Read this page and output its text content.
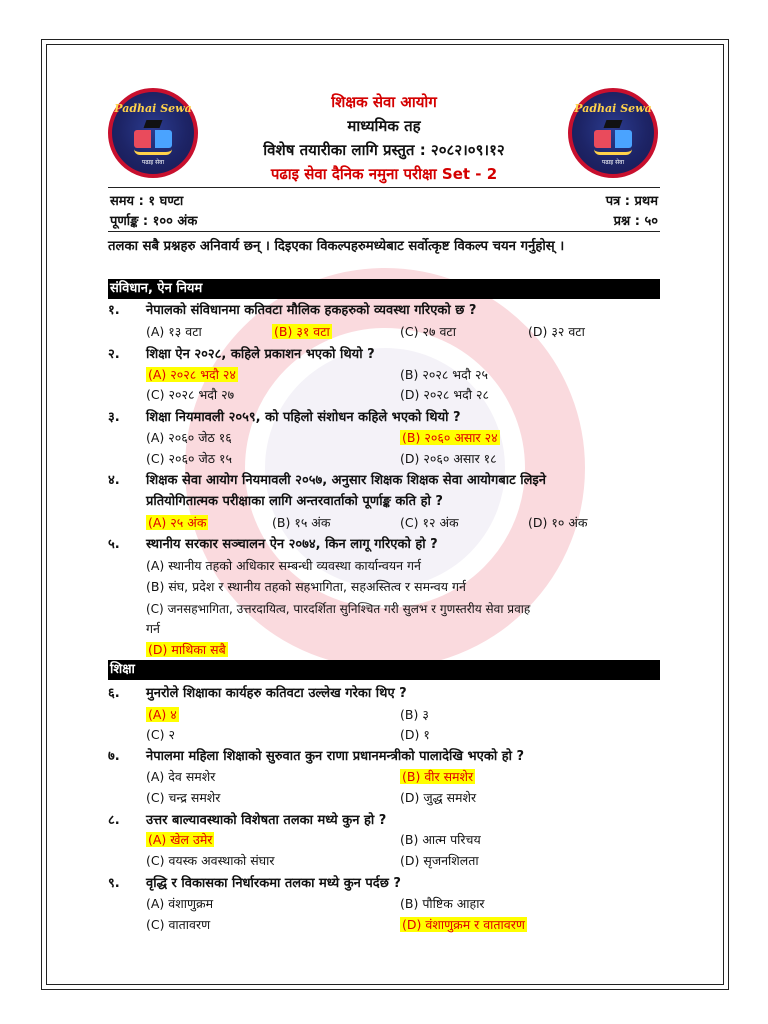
Padhai Sewa
पढाइ सेवा
Padhai Sewa
पढाइ सेवा
शिक्षक सेवा आयोग
माध्यमिक तह
विशेष तयारीका लागि प्रस्तुत : २०८२।०९।१२
पढाइ सेवा दैनिक नमुना परीक्षा Set - 2
समय : १ घण्टा	पत्र : प्रथम
पूर्णाङ्क : १०० अंक	प्रश्न : ५०
तलका सबै प्रश्नहरु अनिवार्य छन् । दिइएका विकल्पहरुमध्येबाट सर्वोत्कृष्ट विकल्प चयन गर्नुहोस् ।
संविधान, ऐन नियम
१. नेपालको संविधानमा कतिवटा मौलिक हकहरुको व्यवस्था गरिएको छ ?
(A) १३ वटा	(B) ३१ वटा	(C) २७ वटा	(D) ३२ वटा
२. शिक्षा ऐन २०२८, कहिले प्रकाशन भएको थियो ?
(A) २०२८ भदौ २४	(B) २०२८ भदौ २५
(C) २०२८ भदौ २७	(D) २०२८ भदौ २८
३. शिक्षा नियमावली २०५९, को पहिलो संशोधन कहिले भएको थियो ?
(A) २०६० जेठ १६	(B) २०६० असार २४
(C) २०६० जेठ १५	(D) २०६० असार १८
४. शिक्षक सेवा आयोग नियमावली २०५७, अनुसार शिक्षक शिक्षक सेवा आयोगबाट लिइने
प्रतियोगितात्मक परीक्षाका लागि अन्तरवार्ताको पूर्णाङ्क कति हो ?
(A) २५ अंक	(B) १५ अंक	(C) १२ अंक	(D) १० अंक
५. स्थानीय सरकार सञ्चालन ऐन २०७४, किन लागू गरिएको हो ?
(A) स्थानीय तहको अधिकार सम्बन्धी व्यवस्था कार्यान्वयन गर्न
(B) संघ, प्रदेश र स्थानीय तहको सहभागिता, सहअस्तित्व र समन्वय गर्न
(C) जनसहभागिता, उत्तरदायित्व, पारदर्शिता सुनिश्चित गरी सुलभ र गुणस्तरीय सेवा प्रवाह
गर्न
(D) माथिका सबै
शिक्षा
६. मुनरोले शिक्षाका कार्यहरु कतिवटा उल्लेख गरेका थिए ?
(A) ४	(B) ३
(C) २	(D) १
७. नेपालमा महिला शिक्षाको सुरुवात कुन राणा प्रधानमन्त्रीको पालादेखि भएको हो ?
(A) देव समशेर	(B) वीर समशेर
(C) चन्द्र समशेर	(D) जुद्ध समशेर
८. उत्तर बाल्यावस्थाको विशेषता तलका मध्ये कुन हो ?
(A) खेल उमेर	(B) आत्म परिचय
(C) वयस्क अवस्थाको संघार	(D) सृजनशिलता
९. वृद्धि र विकासका निर्धारकमा तलका मध्ये कुन पर्दछ ?
(A) वंशाणुक्रम	(B) पौष्टिक आहार
(C) वातावरण	(D) वंशाणुक्रम र वातावरण
